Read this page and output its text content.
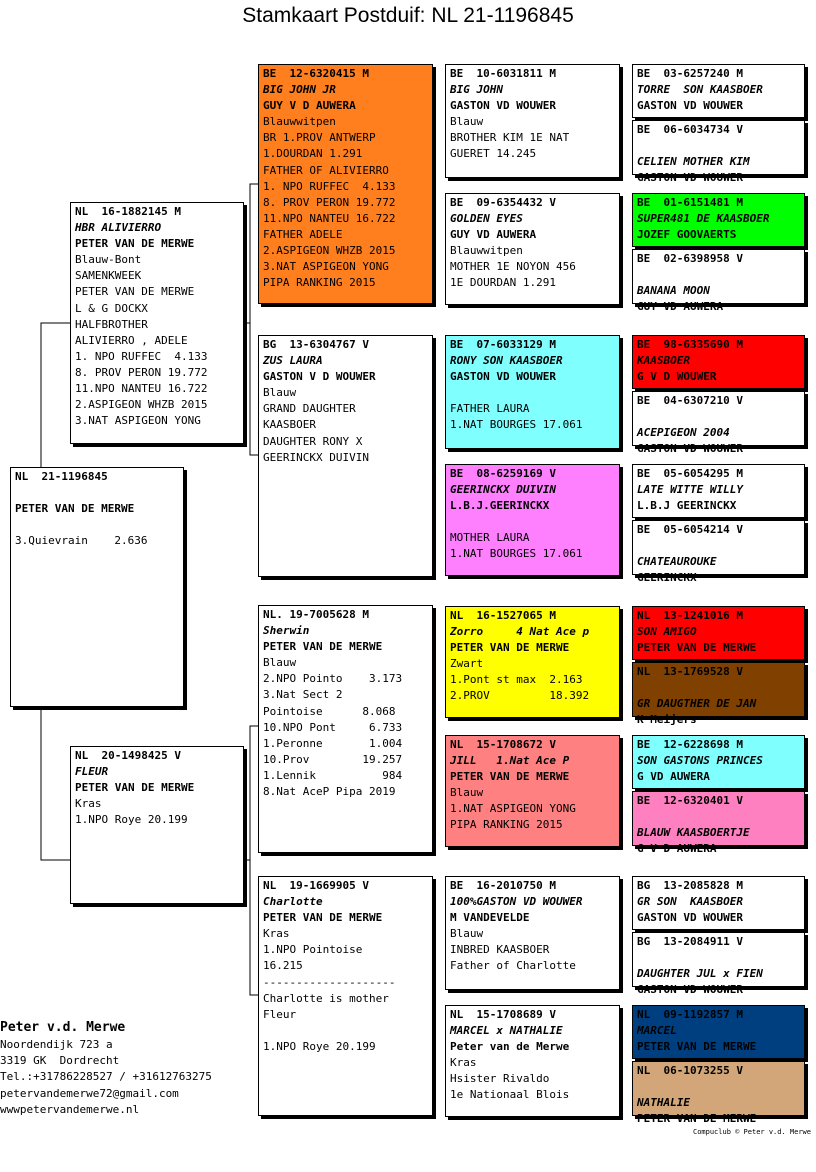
Stamkaart Postduif: NL 21-1196845
NL  21-1196845
PETER VAN DE MERWE
3.Quievrain    2.636
NL  16-1882145 M
HBR ALIVIERRO
PETER VAN DE MERWE
Blauw-Bont
SAMENKWEEK
PETER VAN DE MERWE
L & G DOCKX
HALFBROTHER
ALIVIERRO , ADELE
1. NPO RUFFEC  4.133
8. PROV PERON 19.772
11.NPO NANTEU 16.722
2.ASPIGEON WHZB 2015
3.NAT ASPIGEON YONG
NL  20-1498425 V
FLEUR
PETER VAN DE MERWE
Kras
1.NPO Roye 20.199
BE  12-6320415 M
BIG JOHN JR
GUY V D AUWERA
Blauwwitpen
BR 1.PROV ANTWERP
1.DOURDAN 1.291
FATHER OF ALIVIERRO
1. NPO RUFFEC  4.133
8. PROV PERON 19.772
11.NPO NANTEU 16.722
FATHER ADELE
2.ASPIGEON WHZB 2015
3.NAT ASPIGEON YONG
PIPA RANKING 2015
BG  13-6304767 V
ZUS LAURA
GASTON V D WOUWER
Blauw
GRAND DAUGHTER
KAASBOER
DAUGHTER RONY X
GEERINCKX DUIVIN
NL. 19-7005628 M
Sherwin
PETER VAN DE MERWE
Blauw
2.NPO Pointo    3.173
3.Nat Sect 2
Pointoise      8.068
10.NPO Pont     6.733
1.Peronne       1.004
10.Prov        19.257
1.Lennik          984
8.Nat AceP Pipa 2019
NL  19-1669905 V
Charlotte
PETER VAN DE MERWE
Kras
1.NPO Pointoise
16.215
--------------------
Charlotte is mother
Fleur
1.NPO Roye 20.199
BE  10-6031811 M
BIG JOHN
GASTON VD WOUWER
Blauw
BROTHER KIM 1E NAT
GUERET 14.245
BE  09-6354432 V
GOLDEN EYES
GUY VD AUWERA
Blauwwitpen
MOTHER 1E NOYON 456
1E DOURDAN 1.291
BE  07-6033129 M
RONY SON KAASBOER
GASTON VD WOUWER
FATHER LAURA
1.NAT BOURGES 17.061
BE  08-6259169 V
GEERINCKX DUIVIN
L.B.J.GEERINCKX
MOTHER LAURA
1.NAT BOURGES 17.061
NL  16-1527065 M
Zorro     4 Nat Ace p
PETER VAN DE MERWE
Zwart
1.Pont st max  2.163
2.PROV         18.392
NL  15-1708672 V
JILL   1.Nat Ace P
PETER VAN DE MERWE
Blauw
1.NAT ASPIGEON YONG
PIPA RANKING 2015
BE  16-2010750 M
100%GASTON VD WOUWER
M VANDEVELDE
Blauw
INBRED KAASBOER
Father of Charlotte
NL  15-1708689 V
MARCEL x NATHALIE
Peter van de Merwe
Kras
Hsister Rivaldo
1e Nationaal Blois
BE  03-6257240 M
TORRE  SON KAASBOER
GASTON VD WOUWER
BE  06-6034734 V
CELIEN MOTHER KIM
GASTON VD WOUWER
BE  01-6151481 M
SUPER481 DE KAASBOER
JOZEF GOOVAERTS
BE  02-6398958 V
BANANA MOON
GUY VD AUWERA
BE  98-6335690 M
KAASBOER
G V D WOUWER
BE  04-6307210 V
ACEPIGEON 2004
GASTON VD WOUWER
BE  05-6054295 M
LATE WITTE WILLY
L.B.J GEERINCKX
BE  05-6054214 V
CHATEAUROUKE
GEERINCKX
NL  13-1241016 M
SON AMIGO
PETER VAN DE MERWE
NL  13-1769528 V
GR DAUGTHER DE JAN
K Meijers
BE  12-6228698 M
SON GASTONS PRINCES
G VD AUWERA
BE  12-6320401 V
BLAUW KAASBOERTJE
G V D AUWERA
BG  13-2085828 M
GR SON  KAASBOER
GASTON VD WOUWER
BG  13-2084911 V
DAUGHTER JUL x FIEN
GASTON VD WOUWER
NL  09-1192857 M
MARCEL
PETER VAN DE MERWE
NL  06-1073255 V
NATHALIE
PETER VAN DE MERWE
Peter v.d. Merwe
Noordendijk 723 a
3319 GK  Dordrecht
Tel.:+31786228527 / +31612763275
petervandemerwe72@gmail.com
wwwpetervandemerwe.nl
Compuclub © Peter v.d. Merwe
